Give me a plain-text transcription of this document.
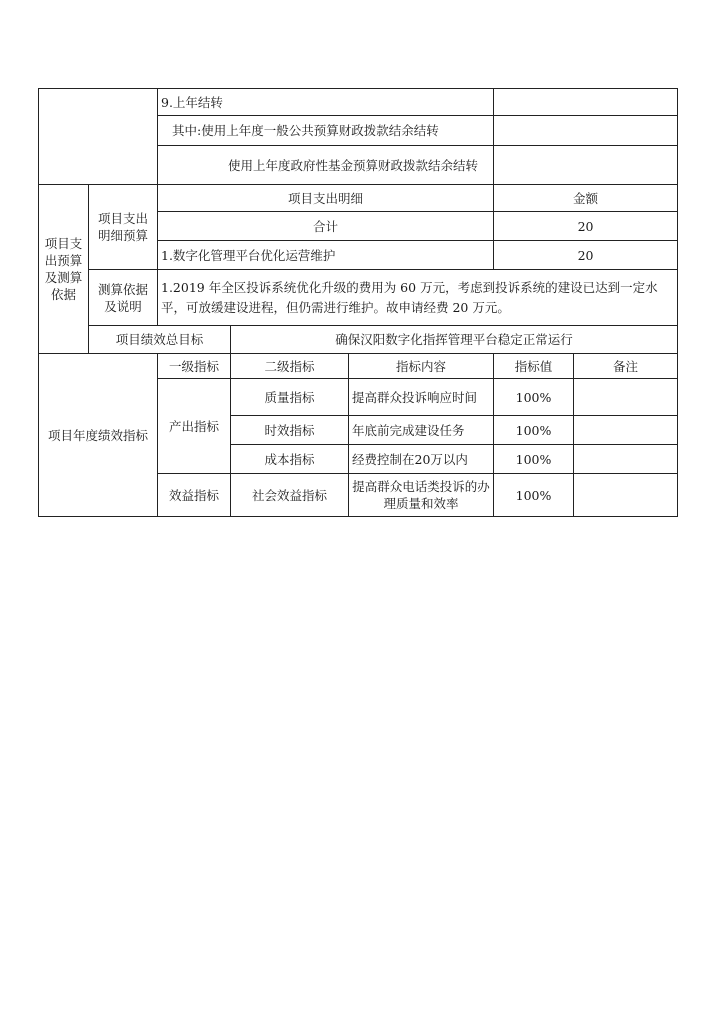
		9.上年结转				
		其中:使用上年度一般公共预算财政拨款结余结转				
		使用上年度政府性基金预算财政拨款结余结转				
项目支出预算及测算依据	项目支出明细预算	项目支出明细			金额	
		合计			20	
		1.数字化管理平台优化运营维护			20	
	测算依据及说明	1.2019 年全区投诉系统优化升级的费用为 60 万元，考虑到投诉系统的建设已达到一定水平，可放缓建设进程，但仍需进行维护。故申请经费 20 万元。				
	项目绩效总目标		确保汉阳数字化指挥管理平台稳定正常运行			
项目年度绩效指标		一级指标	二级指标	指标内容	指标值	备注
		产出指标	质量指标	提高群众投诉响应时间	100%	
			时效指标	年底前完成建设任务	100%	
			成本指标	经费控制在20万以内	100%	
		效益指标	社会效益指标	提高群众电话类投诉的办理质量和效率	100%	
